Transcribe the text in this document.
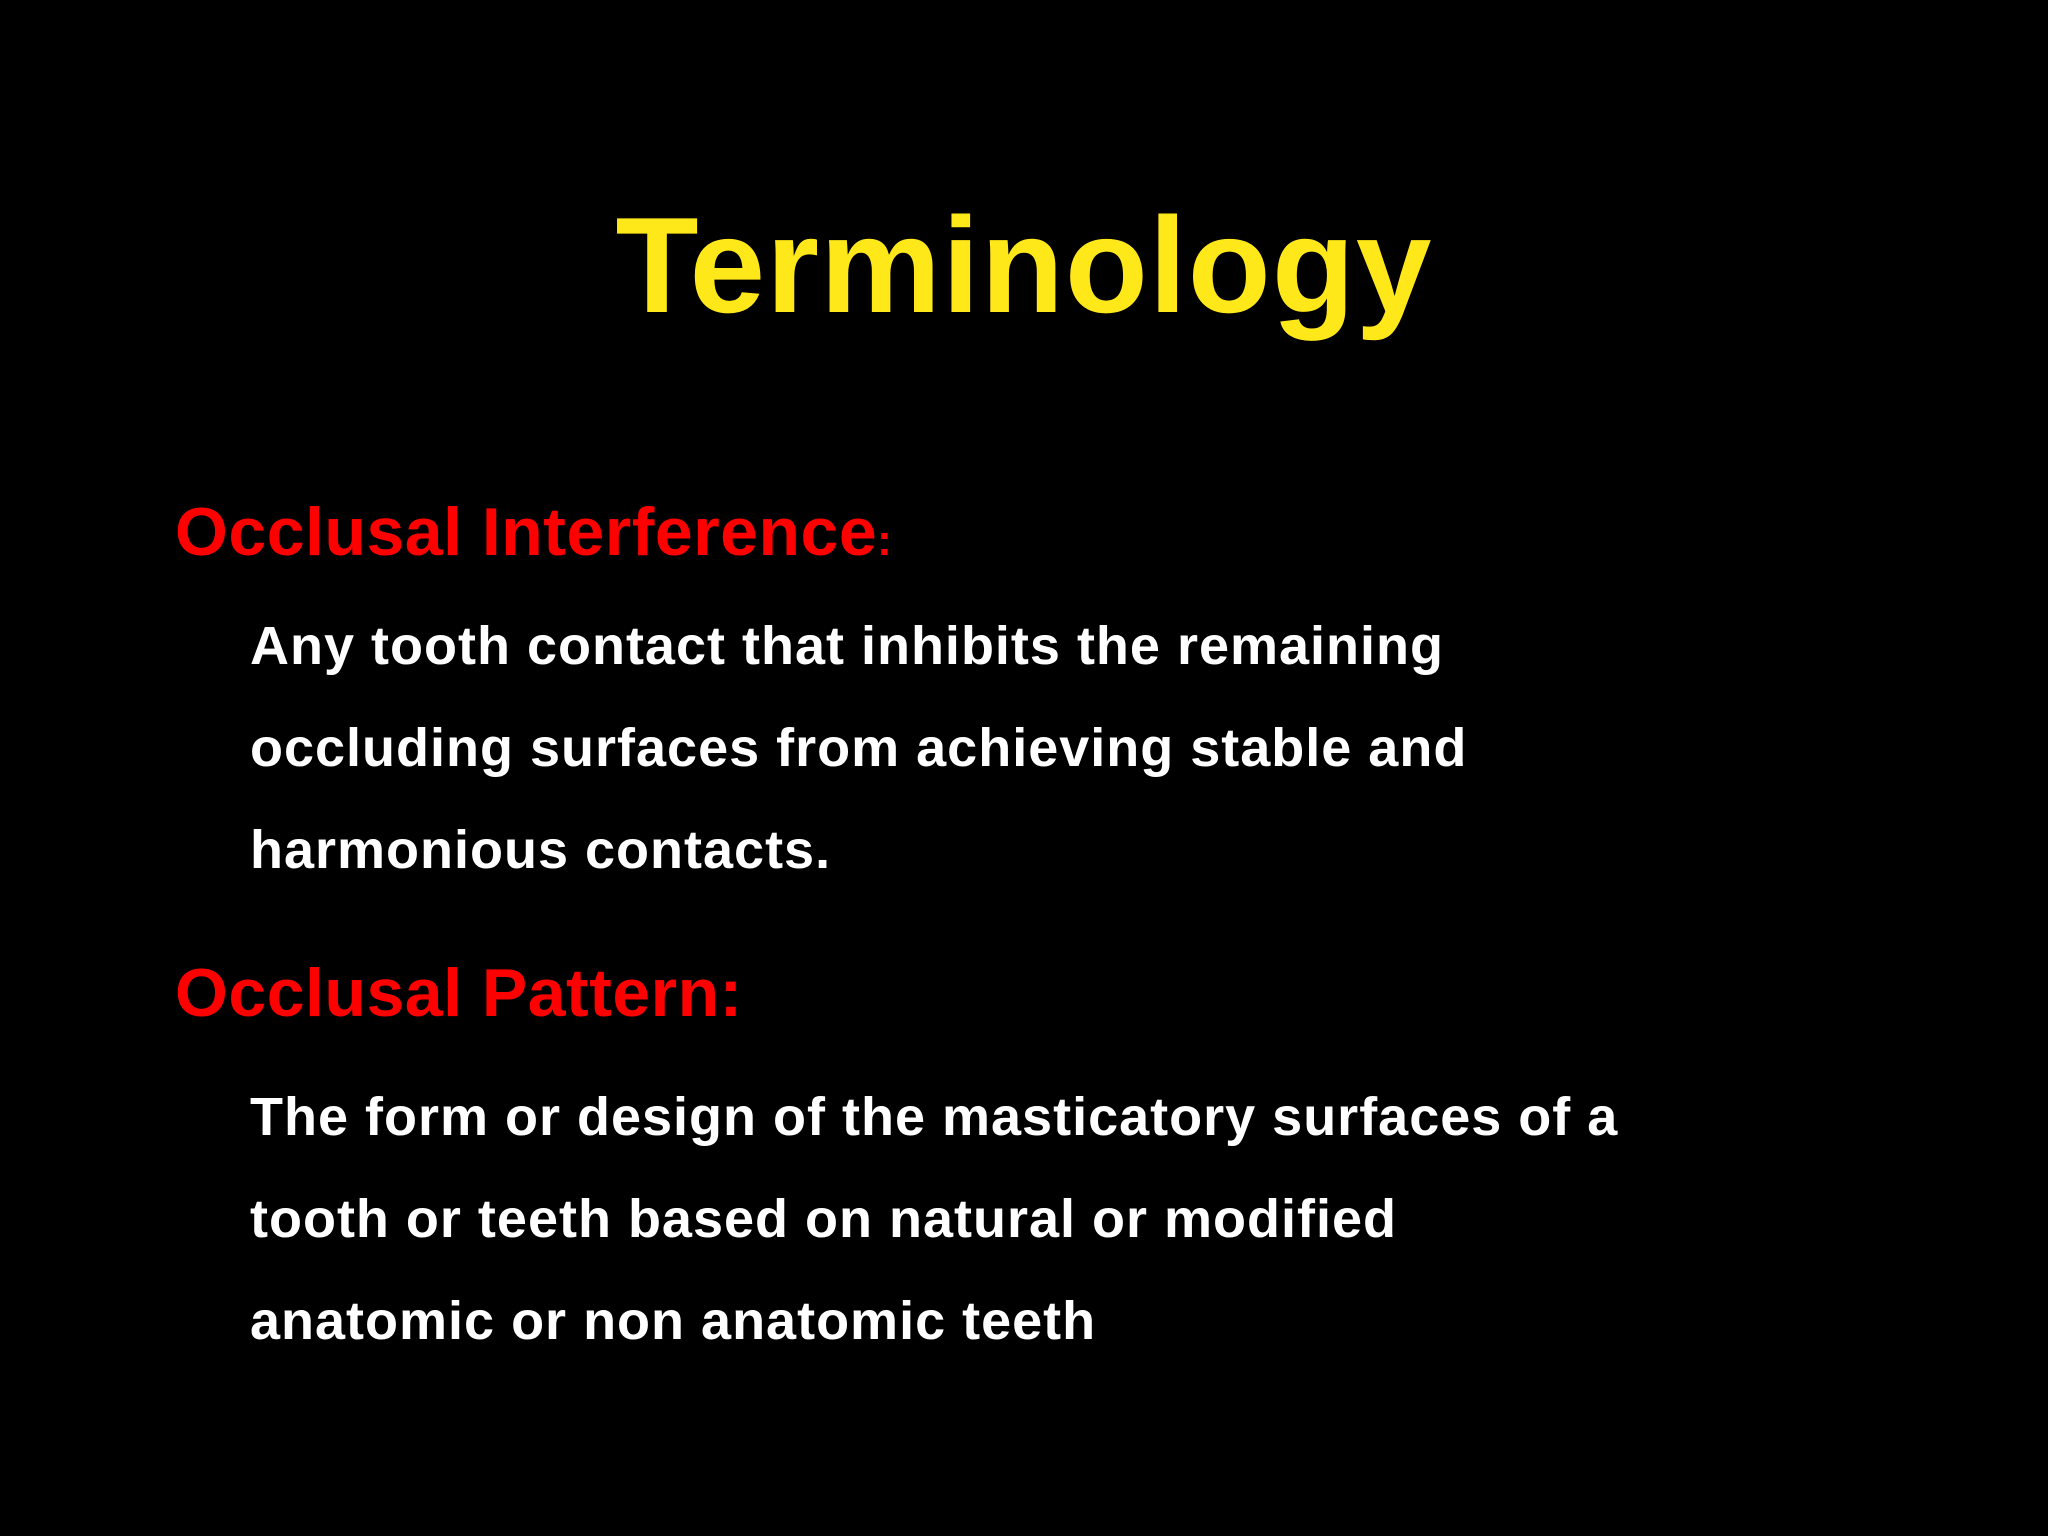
Terminology
Occlusal Interference:
Any tooth contact that inhibits the remaining
occluding surfaces from achieving stable and
harmonious contacts.
Occlusal Pattern:
The form or design of the masticatory surfaces of a
tooth or teeth based on natural or modified
anatomic or non anatomic teeth
